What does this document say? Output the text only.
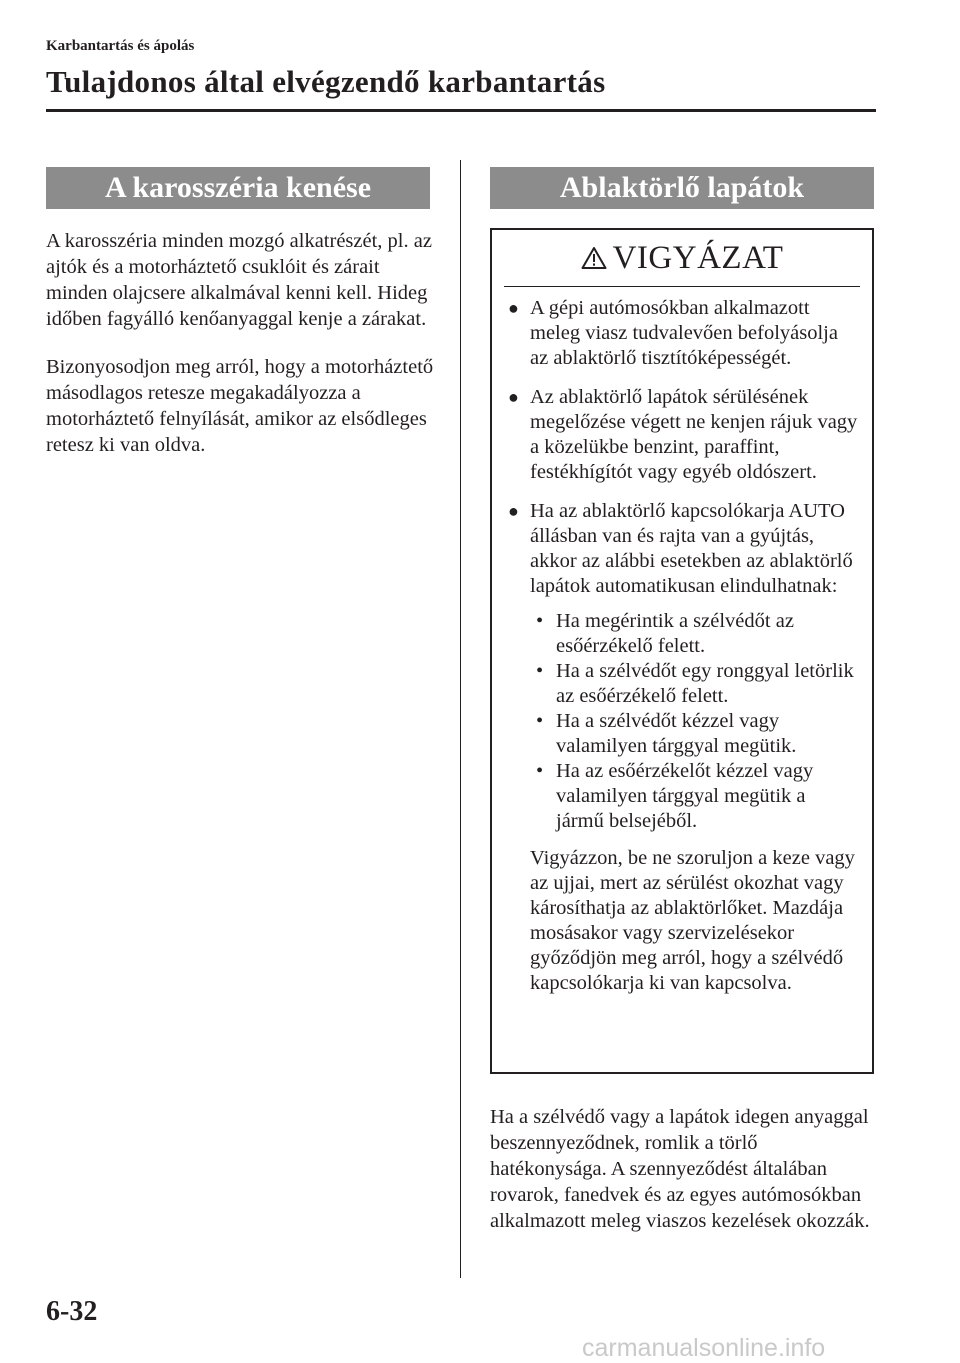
Karbantartás és ápolás
Tulajdonos által elvégzendő karbantartás
A karosszéria kenése

A karosszéria minden mozgó alkatrészét, pl. az ajtók és a motorháztető csuklóit és zárait minden olajcsere alkalmával kenni kell. Hideg időben fagyálló kenőanyaggal kenje a zárakat.

Bizonyosodjon meg arról, hogy a motorháztető másodlagos retesze megakadályozza a motorháztető felnyílását, amikor az elsődleges retesz ki van oldva.

Ablaktörlő lapátok
VIGYÁZAT
● A gépi autómosókban alkalmazott meleg viasz tudvalevően befolyásolja az ablaktörlő tisztítóképességét.
● Az ablaktörlő lapátok sérülésének megelőzése végett ne kenjen rájuk vagy a közelükbe benzint, paraffint, festékhígítót vagy egyéb oldószert.
● Ha az ablaktörlő kapcsolókarja AUTO állásban van és rajta van a gyújtás, akkor az alábbi esetekben az ablaktörlő lapátok automatikusan elindulhatnak:
• Ha megérintik a szélvédőt az esőérzékelő felett.
• Ha a szélvédőt egy ronggyal letörlik az esőérzékelő felett.
• Ha a szélvédőt kézzel vagy valamilyen tárggyal megütik.
• Ha az esőérzékelőt kézzel vagy valamilyen tárggyal megütik a jármű belsejéből.
Vigyázzon, be ne szoruljon a keze vagy az ujjai, mert az sérülést okozhat vagy károsíthatja az ablaktörlőket. Mazdája mosásakor vagy szervizelésekor győződjön meg arról, hogy a szélvédő kapcsolókarja ki van kapcsolva.
Ha a szélvédő vagy a lapátok idegen anyaggal beszennyeződnek, romlik a törlő hatékonysága. A szennyeződést általában rovarok, fanedvek és az egyes autómosókban alkalmazott meleg viaszos kezelések okozzák.
6-32
carmanualsonline.info
